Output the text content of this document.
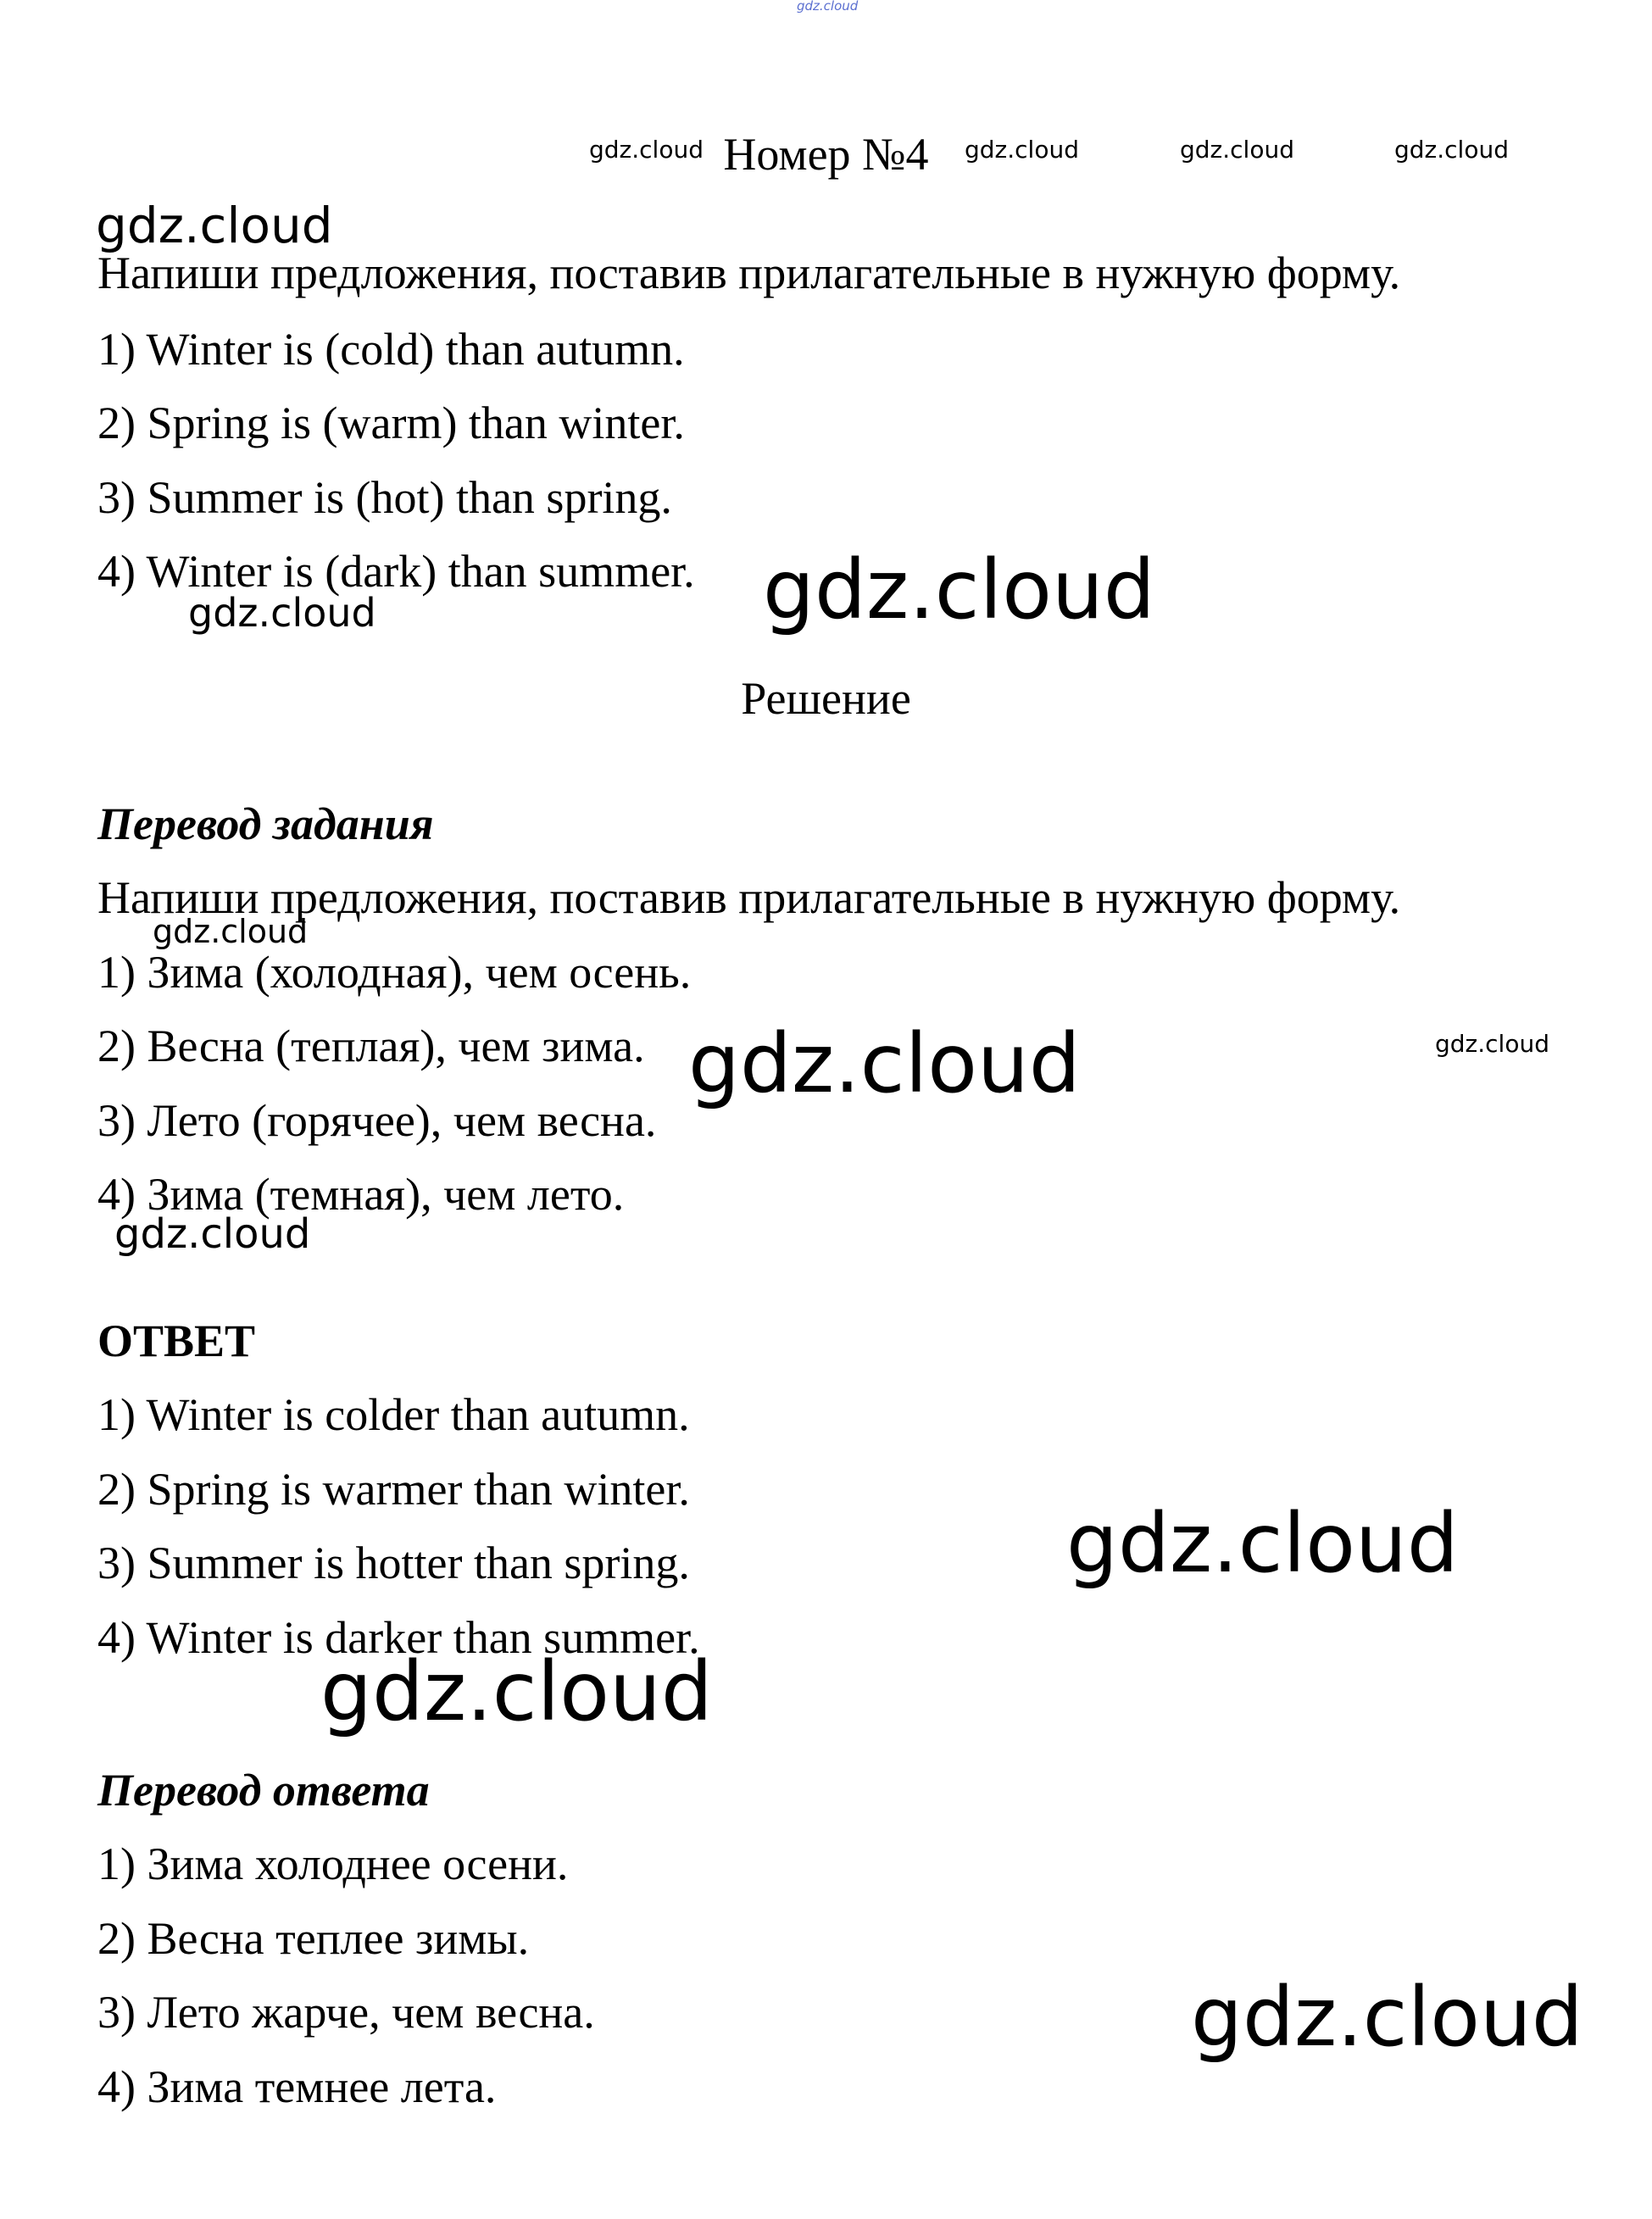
Номер №4
Напиши предложения, поставив прилагательные в нужную форму.
1) Winter is (cold) than autumn.
2) Spring is (warm) than winter.
3) Summer is (hot) than spring.
4) Winter is (dark) than summer.
Решение
Перевод задания
Напиши предложения, поставив прилагательные в нужную форму.
1) Зима (холодная), чем осень.
2) Весна (теплая), чем зима.
3) Лето (горячее), чем весна.
4) Зима (темная), чем лето.
ОТВЕТ
1) Winter is colder than autumn.
2) Spring is warmer than winter.
3) Summer is hotter than spring.
4) Winter is darker than summer.
Перевод ответа
1) Зима холоднее осени.
2) Весна теплее зимы.
3) Лето жарче, чем весна.
4) Зима темнее лета.
gdz.cloud
gdz.cloud	gdz.cloud	gdz.cloud	gdz.cloud
gdz.cloud
gdz.cloud
gdz.cloud
gdz.cloud
gdz.cloud	gdz.cloud
gdz.cloud
gdz.cloud
gdz.cloud
gdz.cloud
